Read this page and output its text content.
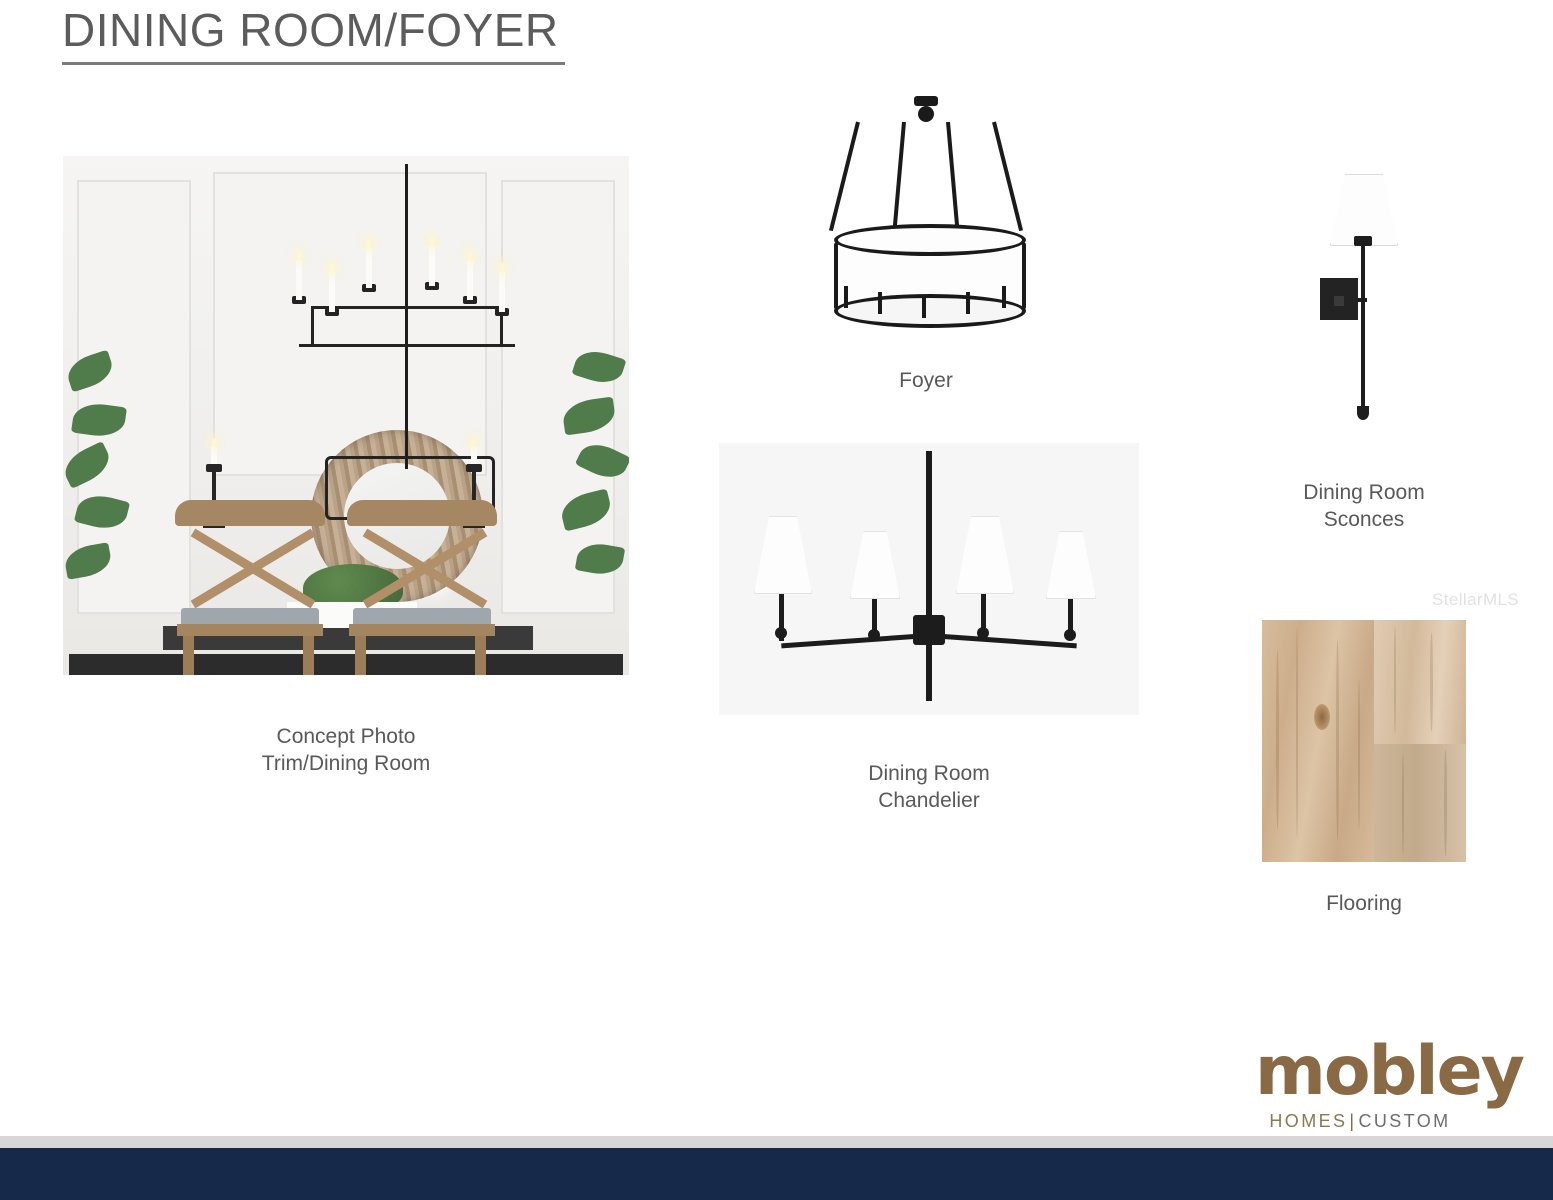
DINING ROOM/FOYER
Concept Photo
Trim/Dining Room
Foyer
Dining Room
Chandelier
Dining Room
Sconces
StellarMLS
Flooring
mobley
HOMES | CUSTOM
